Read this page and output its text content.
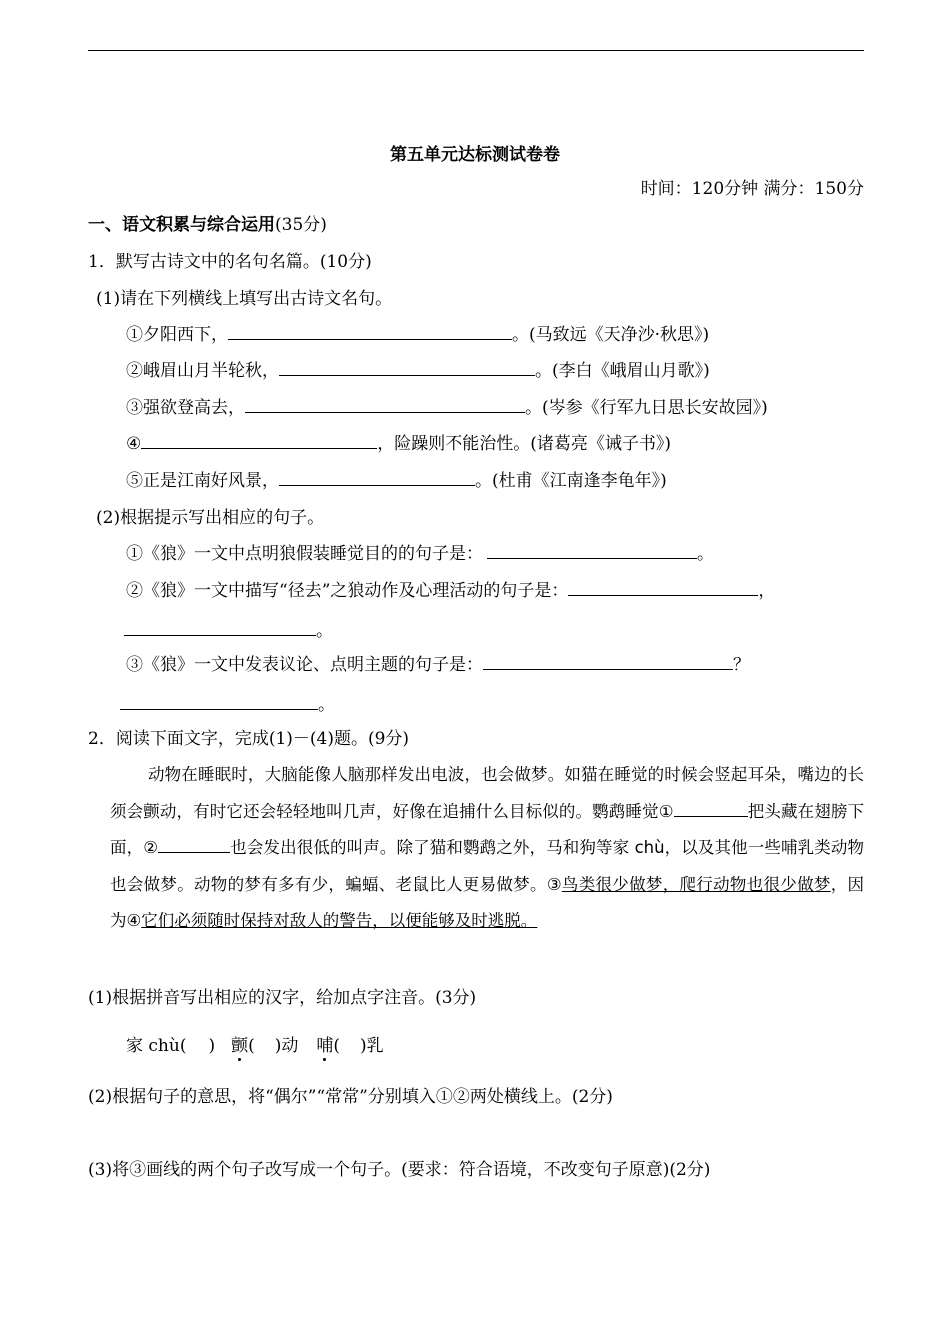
第五单元达标测试卷卷
时间：120分钟 满分：150分
一、语文积累与综合运用(35分)
1．默写古诗文中的名句名篇。(10分)
(1)请在下列横线上填写出古诗文名句。
①夕阳西下，	。(马致远《天净沙·秋思》)
②峨眉山月半轮秋，	。(李白《峨眉山月歌》)
③强欲登高去，	。(岑参《行军九日思长安故园》)
④	，险躁则不能治性。(诸葛亮《诫子书》)
⑤正是江南好风景，	。(杜甫《江南逢李龟年》)
(2)根据提示写出相应的句子。
①《狼》一文中点明狼假装睡觉目的的句子是：	。
②《狼》一文中描写“径去”之狼动作及心理活动的句子是：	，
。
③《狼》一文中发表议论、点明主题的句子是：	？
。
2．阅读下面文字，完成(1)－(4)题。(9分)

动物在睡眠时，大脑能像人脑那样发出电波，也会做梦。如猫在睡觉的时候会竖起耳朵，嘴边的长须会颤动，有时它还会轻轻地叫几声，好像在追捕什么目标似的。鹦鹉睡觉①	把头藏在翅膀下面，②	也会发出很低的叫声。除了猫和鹦鹉之外，马和狗等家 chù，以及其他一些哺乳类动物也会做梦。动物的梦有多有少，蝙蝠、老鼠比人更易做梦。③鸟类很少做梦，爬行动物也很少做梦，因为④它们必须随时保持对敌人的警告，以便能够及时逃脱。

(1)根据拼音写出相应的汉字，给加点字注音。(3分)
家 chù( ) 颤( )动 哺( )乳
(2)根据句子的意思，将“偶尔”“常常”分别填入①②两处横线上。(2分)
(3)将③画线的两个句子改写成一个句子。(要求：符合语境，不改变句子原意)(2分)
